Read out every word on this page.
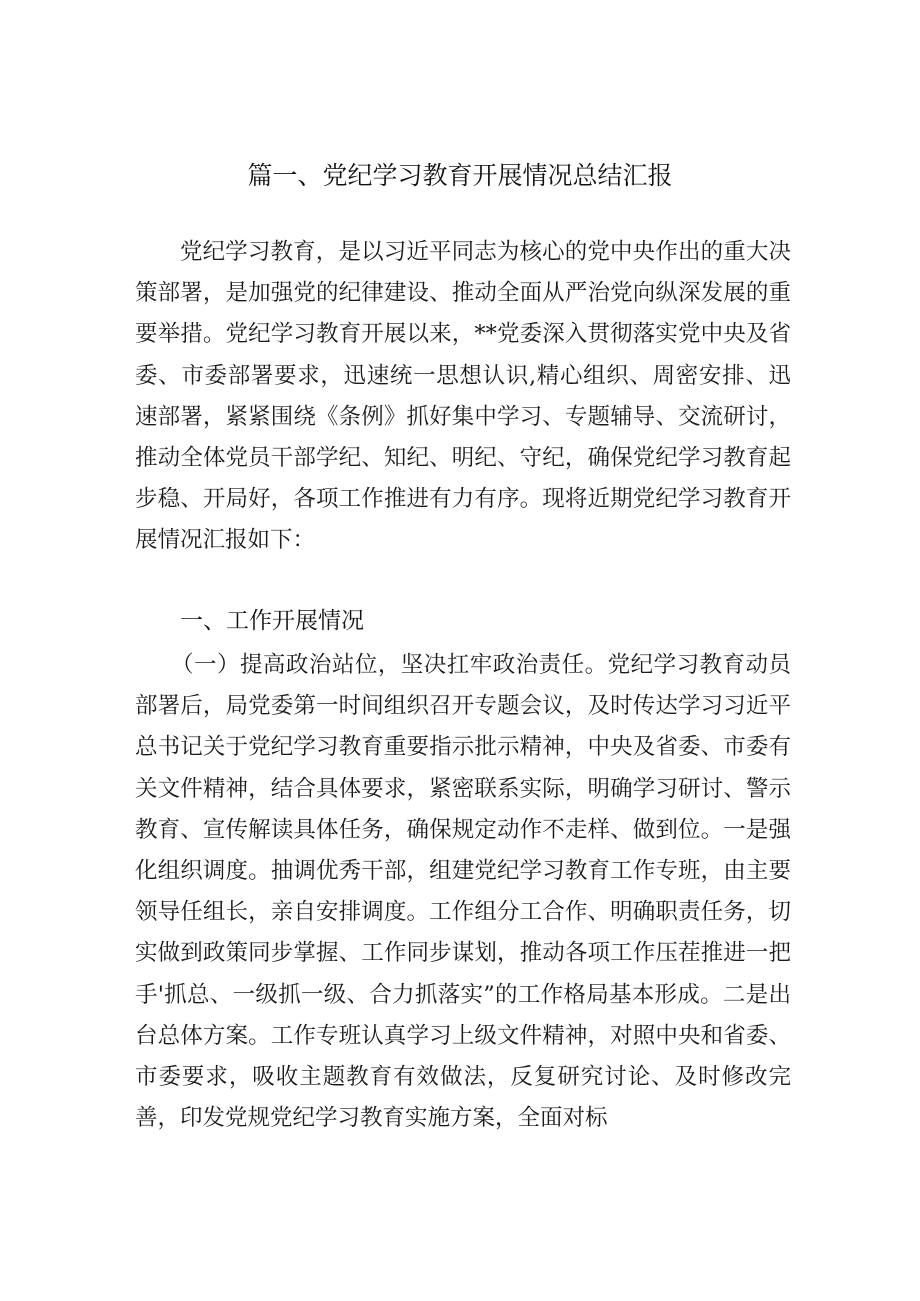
篇一、党纪学习教育开展情况总结汇报

党纪学习教育，是以习近平同志为核心的党中央作出的重大决策部署，是加强党的纪律建设、推动全面从严治党向纵深发展的重要举措。党纪学习教育开展以来，**党委深入贯彻落实党中央及省委、市委部署要求，迅速统一思想认识,精心组织、周密安排、迅速部署，紧紧围绕《条例》抓好集中学习、专题辅导、交流研讨，推动全体党员干部学纪、知纪、明纪、守纪，确保党纪学习教育起步稳、开局好，各项工作推进有力有序。现将近期党纪学习教育开展情况汇报如下：

一、工作开展情况

（一）提高政治站位，坚决扛牢政治责任。党纪学习教育动员部署后，局党委第一时间组织召开专题会议，及时传达学习习近平总书记关于党纪学习教育重要指示批示精神，中央及省委、市委有关文件精神，结合具体要求，紧密联系实际，明确学习研讨、警示教育、宣传解读具体任务，确保规定动作不走样、做到位。一是强化组织调度。抽调优秀干部，组建党纪学习教育工作专班，由主要领导任组长，亲自安排调度。工作组分工合作、明确职责任务，切实做到政策同步掌握、工作同步谋划，推动各项工作压茬推进一把手'抓总、一级抓一级、合力抓落实”的工作格局基本形成。二是出台总体方案。工作专班认真学习上级文件精神，对照中央和省委、市委要求，吸收主题教育有效做法，反复研究讨论、及时修改完善，印发党规党纪学习教育实施方案，全面对标
